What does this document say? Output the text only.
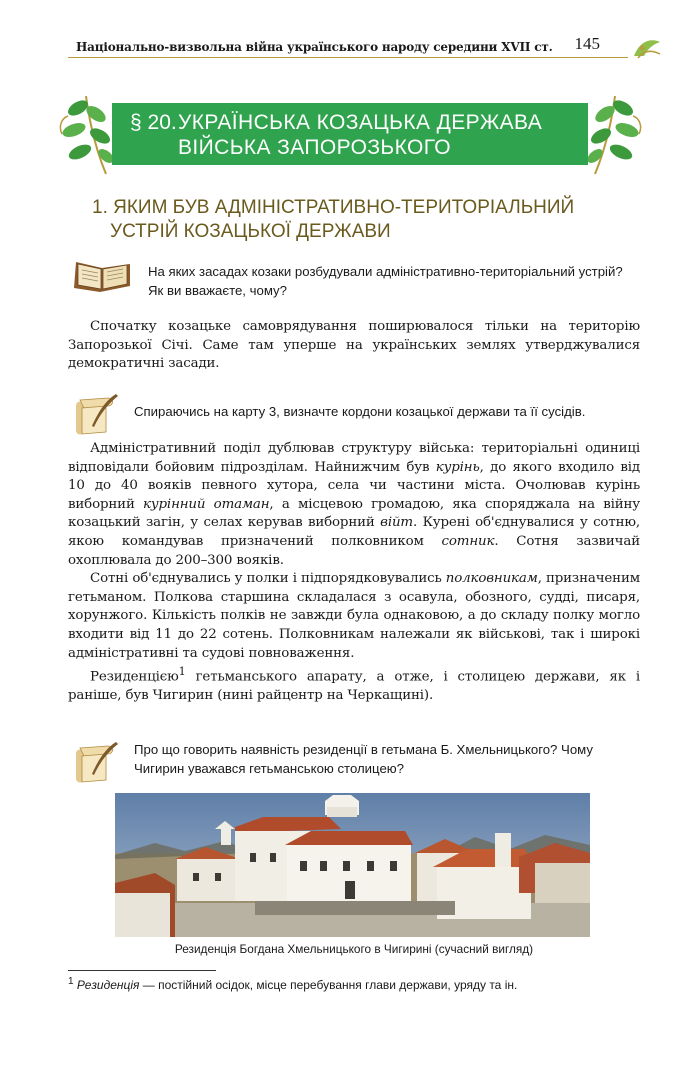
Національно-визвольна війна українського народу середини XVII ст. 145
§ 20. УКРАЇНСЬКА КОЗАЦЬКА ДЕРЖАВА
ВІЙСЬКА ЗАПОРОЗЬКОГО
1. ЯКИМ БУВ АДМІНІСТРАТИВНО-ТЕРИТОРІАЛЬНИЙ
УСТРІЙ КОЗАЦЬКОЇ ДЕРЖАВИ
На яких засадах козаки розбудували адміністративно-територіальний устрій? Як ви вважаєте, чому?

Спочатку козацьке самоврядування поширювалося тільки на територію Запорозької Січі. Саме там уперше на українських землях утверджувалися демократичні засади.

Спираючись на карту 3, визначте кордони козацької держави та її сусідів.

Адміністративний поділ дублював структуру війська: територіальні одиниці відповідали бойовим підрозділам. Найнижчим був курінь, до якого входило від 10 до 40 вояків певного хутора, села чи частини міста. Очолював курінь виборний курінний отаман, а місцевою громадою, яка споряджала на війну козацький загін, у селах керував виборний війт. Курені об'єднувалися у сотню, якою командував призначений полковником сотник. Сотня зазвичай охоплювала до 200–300 вояків.

Сотні об'єднувались у полки і підпорядковувались полковникам, призначеним гетьманом. Полкова старшина складалася з осавула, обозного, судді, писаря, хорунжого. Кількість полків не завжди була однаковою, а до складу полку могло входити від 11 до 22 сотень. Полковникам належали як військові, так і широкі адміністративні та судові повноваження.

Резиденцією$^1$ гетьманського апарату, а отже, і столицею держави, як і раніше, був Чигирин (нині райцентр на Черкащині).

Про що говорить наявність резиденції в гетьмана Б. Хмельницького? Чому Чигирин уважався гетьманською столицею?
Резиденція Богдана Хмельницького в Чигирині (сучасний вигляд)
$^1$ Резиденція — постійний осідок, місце перебування глави держави, уряду та ін.
